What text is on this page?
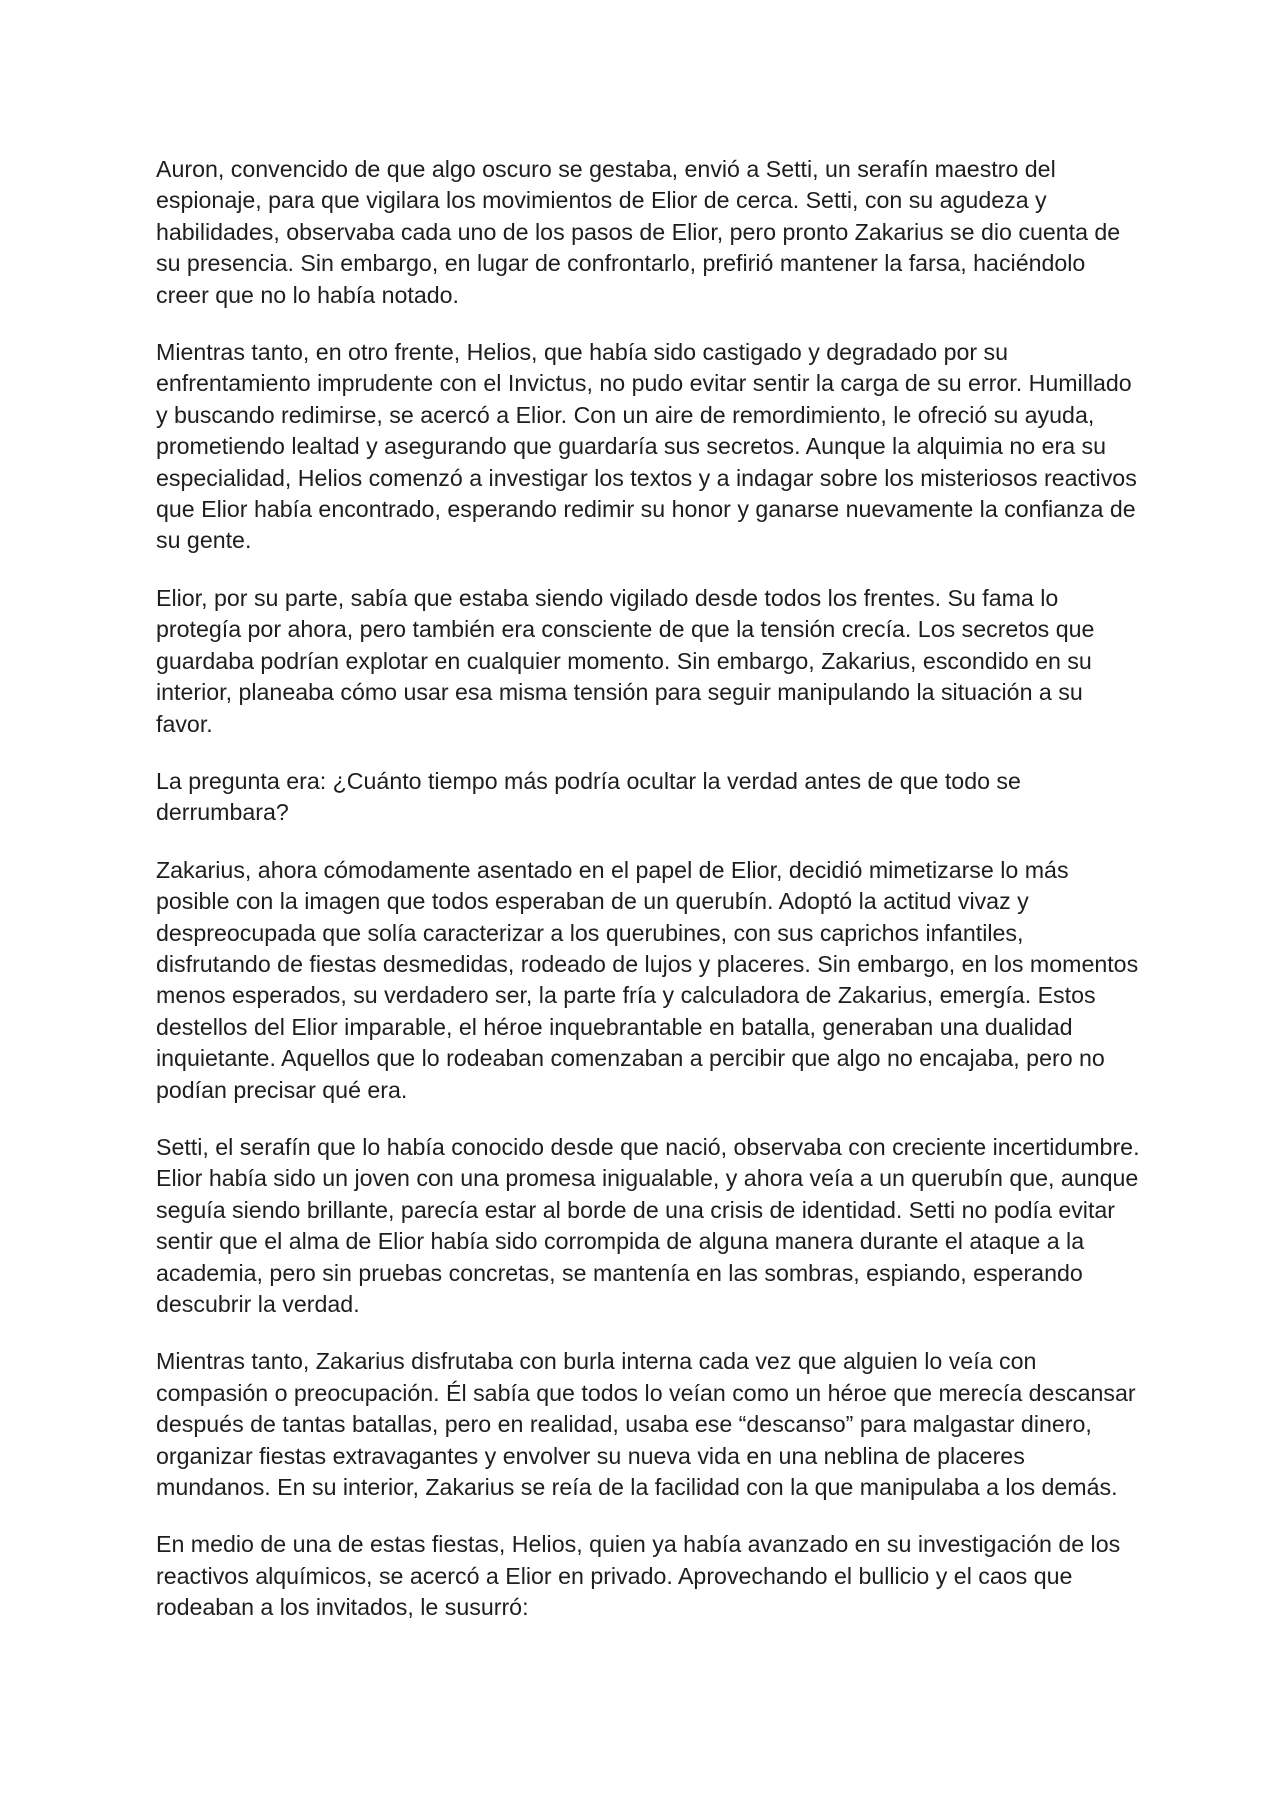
Auron, convencido de que algo oscuro se gestaba, envió a Setti, un serafín maestro del espionaje, para que vigilara los movimientos de Elior de cerca. Setti, con su agudeza y habilidades, observaba cada uno de los pasos de Elior, pero pronto Zakarius se dio cuenta de su presencia. Sin embargo, en lugar de confrontarlo, prefirió mantener la farsa, haciéndolo creer que no lo había notado.

Mientras tanto, en otro frente, Helios, que había sido castigado y degradado por su enfrentamiento imprudente con el Invictus, no pudo evitar sentir la carga de su error. Humillado y buscando redimirse, se acercó a Elior. Con un aire de remordimiento, le ofreció su ayuda, prometiendo lealtad y asegurando que guardaría sus secretos. Aunque la alquimia no era su especialidad, Helios comenzó a investigar los textos y a indagar sobre los misteriosos reactivos que Elior había encontrado, esperando redimir su honor y ganarse nuevamente la confianza de su gente.

Elior, por su parte, sabía que estaba siendo vigilado desde todos los frentes. Su fama lo protegía por ahora, pero también era consciente de que la tensión crecía. Los secretos que guardaba podrían explotar en cualquier momento. Sin embargo, Zakarius, escondido en su interior, planeaba cómo usar esa misma tensión para seguir manipulando la situación a su favor.

La pregunta era: ¿Cuánto tiempo más podría ocultar la verdad antes de que todo se derrumbara?

Zakarius, ahora cómodamente asentado en el papel de Elior, decidió mimetizarse lo más posible con la imagen que todos esperaban de un querubín. Adoptó la actitud vivaz y despreocupada que solía caracterizar a los querubines, con sus caprichos infantiles, disfrutando de fiestas desmedidas, rodeado de lujos y placeres. Sin embargo, en los momentos menos esperados, su verdadero ser, la parte fría y calculadora de Zakarius, emergía. Estos destellos del Elior imparable, el héroe inquebrantable en batalla, generaban una dualidad inquietante. Aquellos que lo rodeaban comenzaban a percibir que algo no encajaba, pero no podían precisar qué era.

Setti, el serafín que lo había conocido desde que nació, observaba con creciente incertidumbre. Elior había sido un joven con una promesa inigualable, y ahora veía a un querubín que, aunque seguía siendo brillante, parecía estar al borde de una crisis de identidad. Setti no podía evitar sentir que el alma de Elior había sido corrompida de alguna manera durante el ataque a la academia, pero sin pruebas concretas, se mantenía en las sombras, espiando, esperando descubrir la verdad.

Mientras tanto, Zakarius disfrutaba con burla interna cada vez que alguien lo veía con compasión o preocupación. Él sabía que todos lo veían como un héroe que merecía descansar después de tantas batallas, pero en realidad, usaba ese “descanso” para malgastar dinero, organizar fiestas extravagantes y envolver su nueva vida en una neblina de placeres mundanos. En su interior, Zakarius se reía de la facilidad con la que manipulaba a los demás.

En medio de una de estas fiestas, Helios, quien ya había avanzado en su investigación de los reactivos alquímicos, se acercó a Elior en privado. Aprovechando el bullicio y el caos que rodeaban a los invitados, le susurró:
